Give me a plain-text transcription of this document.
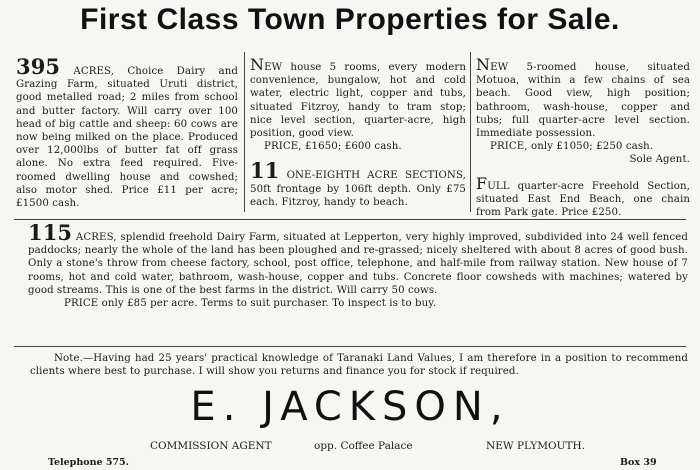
First Class Town Properties for Sale.
395 ACRES, Choice Dairy and Grazing Farm, situated Uruti district, good metalled road; 2 miles from school and butter factory. Will carry over 100 head of big cattle and sheep: 60 cows are now being milked on the place. Produced over 12,000lbs of butter fat off grass alone. No extra feed required. Five-roomed dwelling house and cowshed; also motor shed. Price £11 per acre; £1500 cash.
NEW house 5 rooms, every modern convenience, bungalow, hot and cold water, electric light, copper and tubs, situated Fitzroy, handy to tram stop; nice level section, quarter-acre, high position, good view.
PRICE, £1650; £600 cash.
11 ONE-EIGHTH ACRE SECTIONS, 50ft frontage by 106ft depth. Only £75 each. Fitzroy, handy to beach.
NEW 5-roomed house, situated Motuoa, within a few chains of sea beach. Good view, high position; bathroom, wash-house, copper and tubs; full quarter-acre level section. Immediate possession.
PRICE, only £1050; £250 cash.
Sole Agent.
FULL quarter-acre Freehold Section, situated East End Beach, one chain from Park gate. Price £250.
115 ACRES, splendid freehold Dairy Farm, situated at Lepperton, very highly improved, subdivided into 24 well fenced paddocks; nearly the whole of the land has been ploughed and re-grassed; nicely sheltered with about 8 acres of good bush. Only a stone's throw from cheese factory, school, post office, telephone, and half-mile from railway station. New house of 7 rooms, hot and cold water, bathroom, wash-house, copper and tubs. Concrete floor cowsheds with machines; watered by good streams. This is one of the best farms in the district. Will carry 50 cows.
PRICE only £85 per acre. Terms to suit purchaser. To inspect is to buy.
Note.—Having had 25 years' practical knowledge of Taranaki Land Values, I am therefore in a position to recommend clients where best to purchase. I will show you returns and finance you for stock if required.
E. JACKSON,
COMMISSION AGENT	opp. Coffee Palace	NEW PLYMOUTH.
Telephone 575.	Box 39
